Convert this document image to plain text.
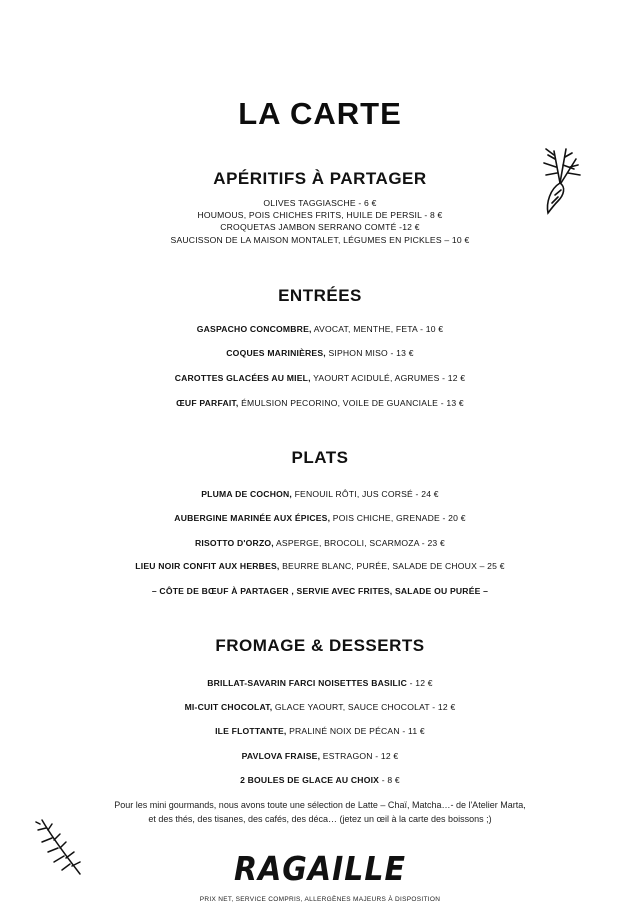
LA CARTE
APÉRITIFS À PARTAGER
OLIVES TAGGIASCHE - 6 €
HOUMOUS, POIS CHICHES FRITS, HUILE DE PERSIL - 8 €
CROQUETAS JAMBON SERRANO COMTÉ -12 €
SAUCISSON DE LA MAISON MONTALET, LÉGUMES EN PICKLES – 10 €
ENTRÉES
GASPACHO CONCOMBRE, AVOCAT, MENTHE, FETA - 10 €
COQUES MARINIÈRES, SIPHON MISO - 13 €
CAROTTES GLACÉES AU MIEL, YAOURT ACIDULÉ, AGRUMES - 12 €
ŒUF PARFAIT, ÉMULSION PECORINO, VOILE DE GUANCIALE - 13 €
PLATS
PLUMA DE COCHON, FENOUIL RÔTI, JUS CORSÉ - 24 €
AUBERGINE MARINÉE AUX ÉPICES, POIS CHICHE, GRENADE - 20 €
RISOTTO D'ORZO, ASPERGE, BROCOLI, SCARMOZA - 23 €
LIEU NOIR CONFIT AUX HERBES, BEURRE BLANC, PURÉE, SALADE DE CHOUX – 25 €
– CÔTE DE BŒUF À PARTAGER , SERVIE AVEC FRITES, SALADE OU PURÉE –
FROMAGE & DESSERTS
BRILLAT-SAVARIN FARCI NOISETTES BASILIC - 12 €
MI-CUIT CHOCOLAT, GLACE YAOURT, SAUCE CHOCOLAT - 12 €
ILE FLOTTANTE, PRALINÉ NOIX DE PÉCAN - 11 €
PAVLOVA FRAISE, ESTRAGON - 12 €
2 BOULES DE GLACE AU CHOIX - 8 €
Pour les mini gourmands, nous avons toute une sélection de Latte – Chaï, Matcha…- de l'Atelier Marta,
et des thés, des tisanes, des cafés, des déca… (jetez un œil à la carte des boissons ;)
RAGAILLE
PRIX NET, SERVICE COMPRIS, ALLERGÈNES MAJEURS À DISPOSITION
